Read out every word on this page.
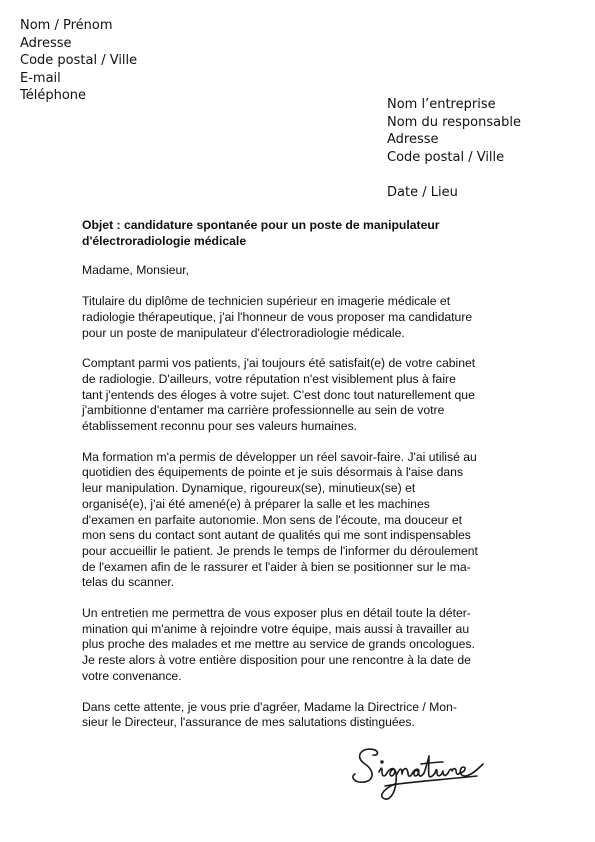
Nom / Prénom
Adresse
Code postal / Ville
E-mail
Téléphone
Nom l’entreprise
Nom du responsable
Adresse
Code postal / Ville
Date / Lieu
Objet : candidature spontanée pour un poste de manipulateur
d'électroradiologie médicale
Madame, Monsieur,
Titulaire du diplôme de technicien supérieur en imagerie médicale et
radiologie thérapeutique, j'ai l'honneur de vous proposer ma candidature
pour un poste de manipulateur d'électroradiologie médicale.
Comptant parmi vos patients, j'ai toujours été satisfait(e) de votre cabinet
de radiologie. D'ailleurs, votre réputation n'est visiblement plus à faire
tant j'entends des éloges à votre sujet. C'est donc tout naturellement que
j'ambitionne d'entamer ma carrière professionnelle au sein de votre
établissement reconnu pour ses valeurs humaines.
Ma formation m'a permis de développer un réel savoir-faire. J'ai utilisé au
quotidien des équipements de pointe et je suis désormais à l'aise dans
leur manipulation. Dynamique, rigoureux(se), minutieux(se) et
organisé(e), j'ai été amené(e) à préparer la salle et les machines
d'examen en parfaite autonomie. Mon sens de l'écoute, ma douceur et
mon sens du contact sont autant de qualités qui me sont indispensables
pour accueillir le patient. Je prends le temps de l'informer du déroulement
de l'examen afin de le rassurer et l'aider à bien se positionner sur le ma-
telas du scanner.
Un entretien me permettra de vous exposer plus en détail toute la déter-
mination qui m'anime à rejoindre votre équipe, mais aussi à travailler au
plus proche des malades et me mettre au service de grands oncologues.
Je reste alors à votre entière disposition pour une rencontre à la date de
votre convenance.
Dans cette attente, je vous prie d'agréer, Madame la Directrice / Mon-
sieur le Directeur, l'assurance de mes salutations distinguées.
